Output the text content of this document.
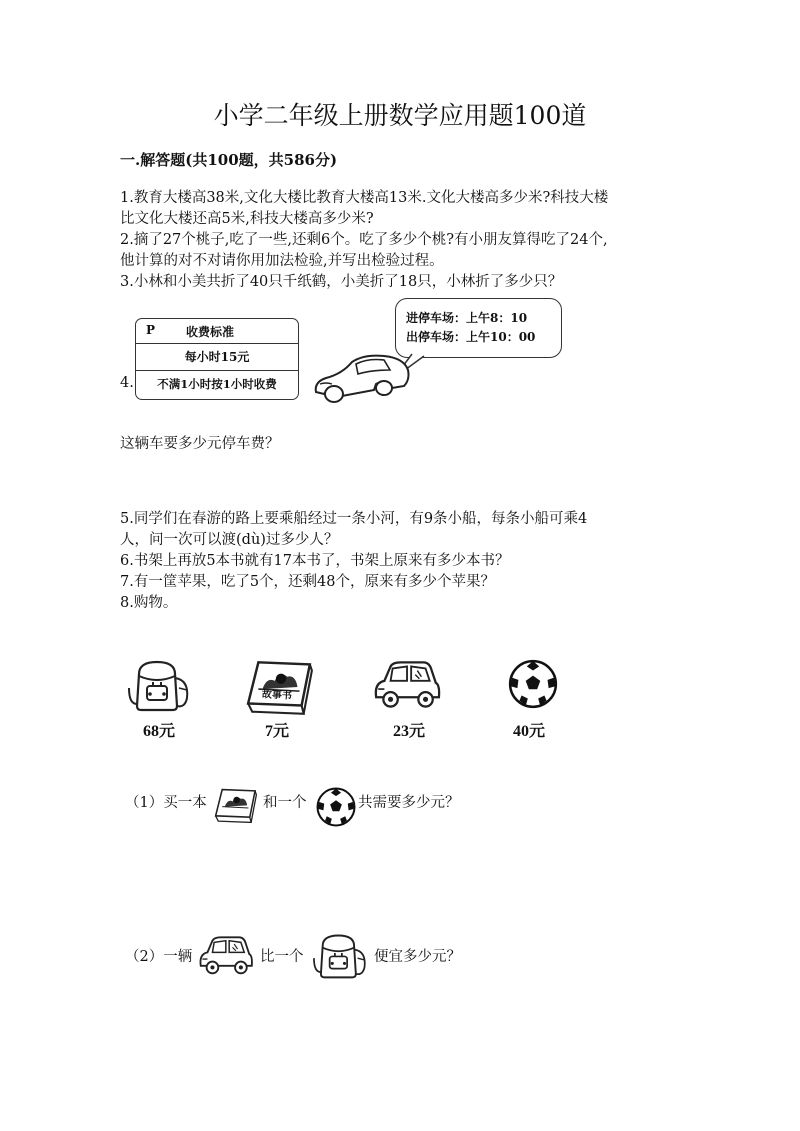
小学二年级上册数学应用题100道
一.解答题(共100题，共586分)
1.教育大楼高38米,文化大楼比教育大楼高13米.文化大楼高多少米?科技大楼
比文化大楼还高5米,科技大楼高多少米?
2.摘了27个桃子,吃了一些,还剩6个。吃了多少个桃?有小朋友算得吃了24个,
他计算的对不对请你用加法检验,并写出检验过程。
3.小林和小美共折了40只千纸鹤，小美折了18只，小林折了多少只？
4.
P	收费标准
每小时15元
不满1小时按1小时收费
进停车场：上午8：10
出停车场：上午10：00
这辆车要多少元停车费？
5.同学们在春游的路上要乘船经过一条小河，有9条小船，每条小船可乘4
人，问一次可以渡(dù)过多少人？
6.书架上再放5本书就有17本书了，书架上原来有多少本书？
7.有一筐苹果，吃了5个，还剩48个，原来有多少个苹果？
8.购物。
故事书
68元	7元	23元	40元
（1）买一本	和一个	共需要多少元？
（2）一辆	比一个	便宜多少元？
